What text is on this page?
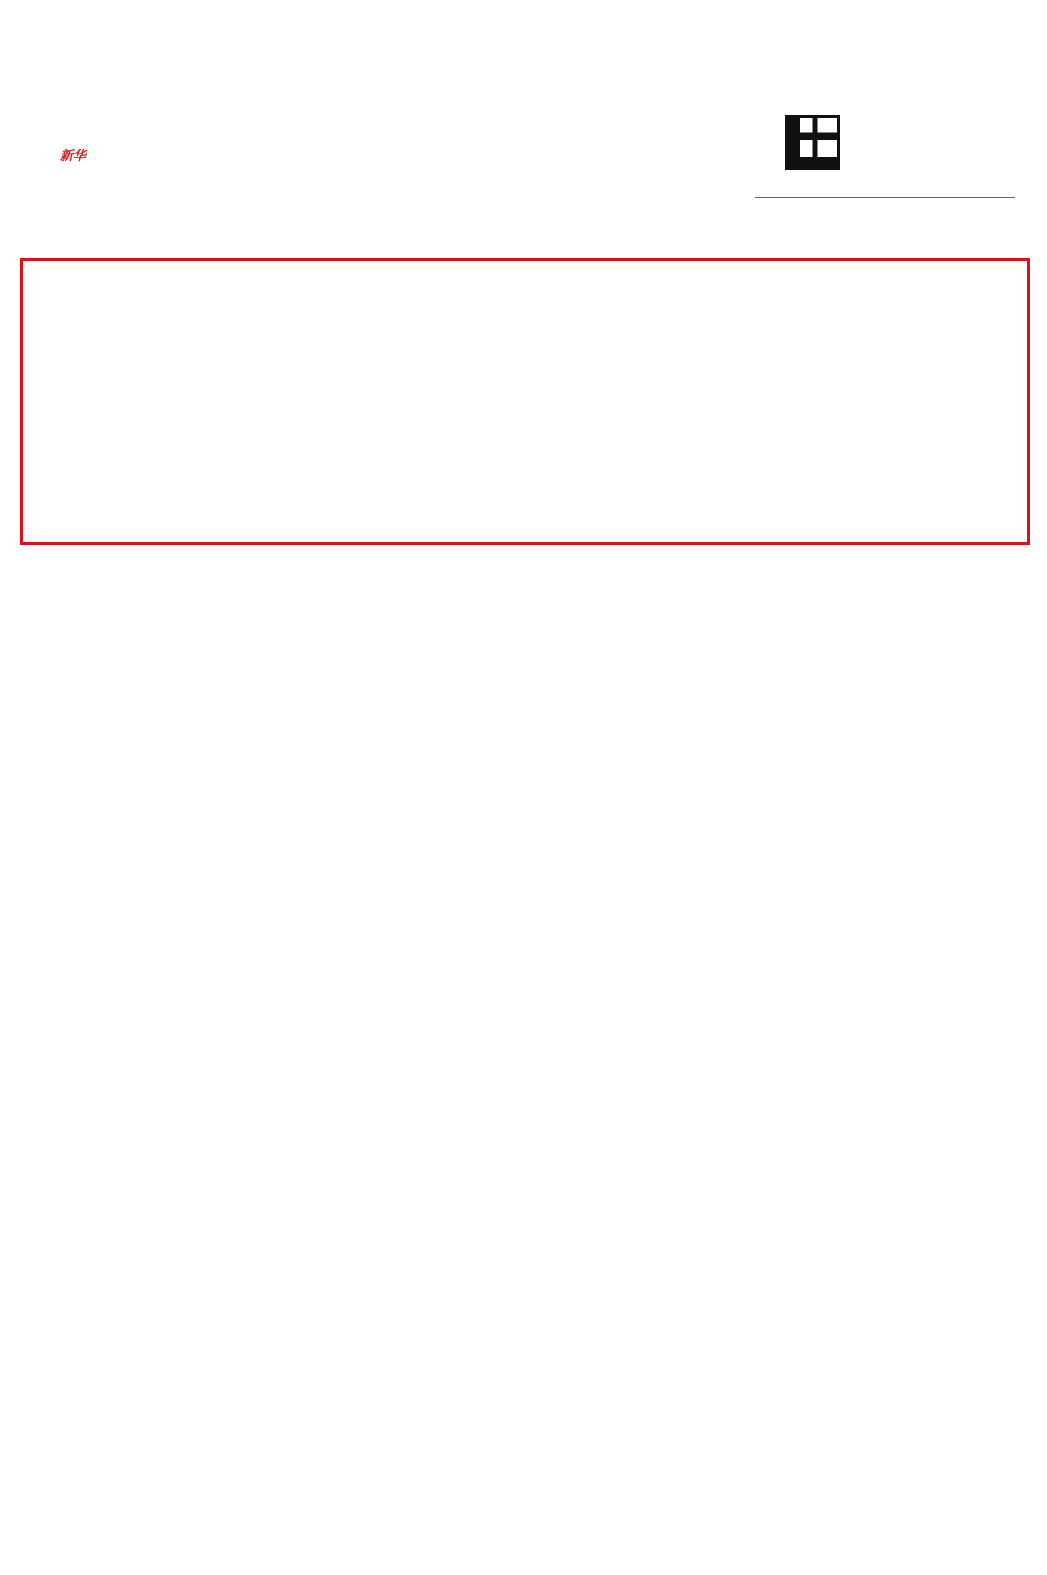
新华
